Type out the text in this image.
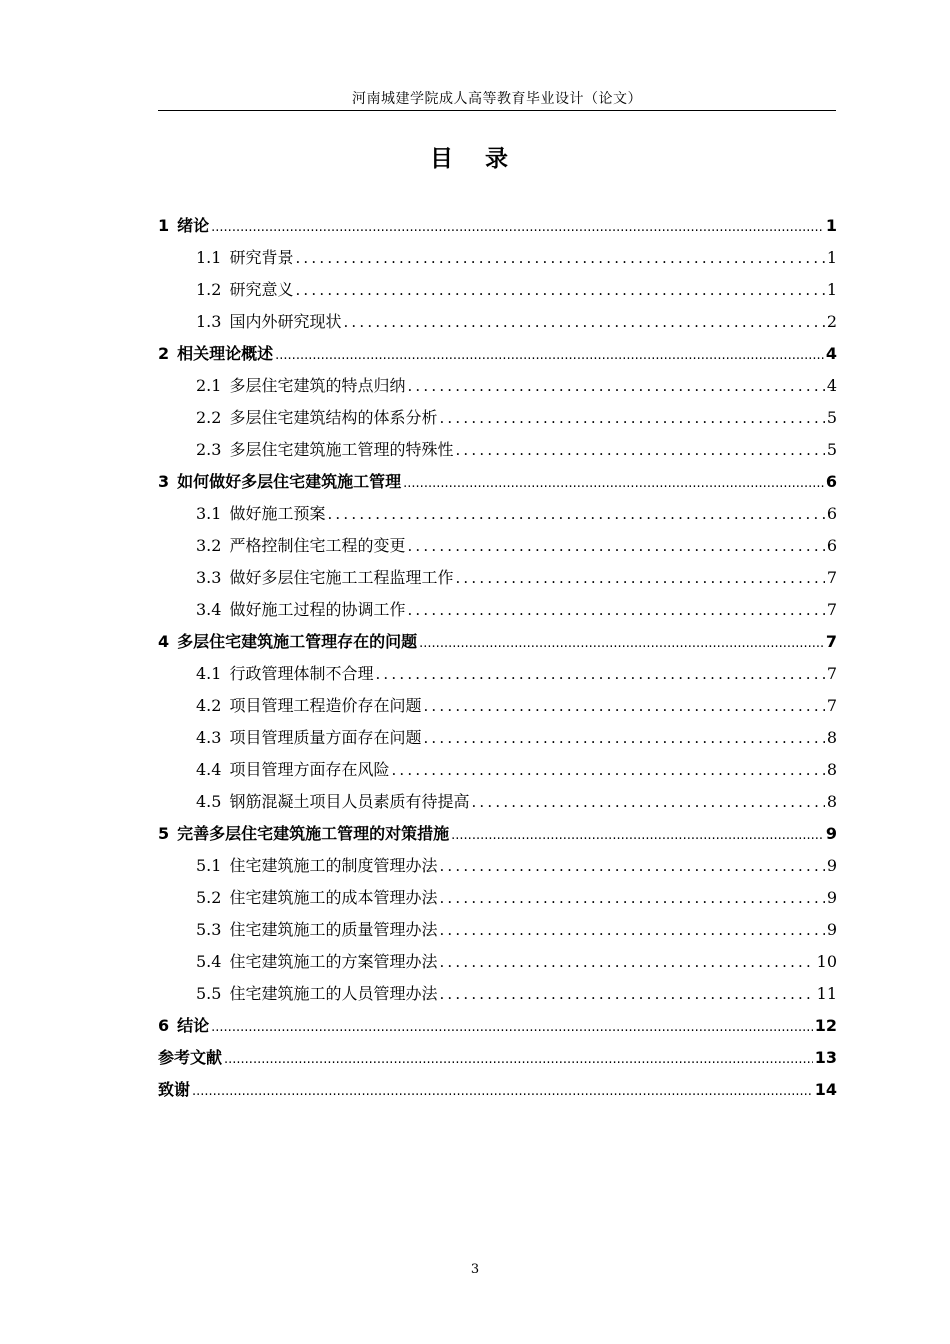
河南城建学院成人高等教育毕业设计（论文）
目 录
1 绪论 .....	1
1.1 研究背景 .....	1
1.2 研究意义 .....	1
1.3 国内外研究现状 .....	2
2 相关理论概述 .....	4
2.1 多层住宅建筑的特点归纳 .....	4
2.2 多层住宅建筑结构的体系分析 .....	5
2.3 多层住宅建筑施工管理的特殊性 .....	5
3 如何做好多层住宅建筑施工管理 .....	6
3.1 做好施工预案 .....	6
3.2 严格控制住宅工程的变更 .....	6
3.3 做好多层住宅施工工程监理工作 .....	7
3.4 做好施工过程的协调工作 .....	7
4 多层住宅建筑施工管理存在的问题 .....	7
4.1 行政管理体制不合理 .....	7
4.2 项目管理工程造价存在问题 .....	7
4.3 项目管理质量方面存在问题 .....	8
4.4 项目管理方面存在风险 .....	8
4.5 钢筋混凝土项目人员素质有待提高 .....	8
5 完善多层住宅建筑施工管理的对策措施 .....	9
5.1 住宅建筑施工的制度管理办法 .....	9
5.2 住宅建筑施工的成本管理办法 .....	9
5.3 住宅建筑施工的质量管理办法 .....	9
5.4 住宅建筑施工的方案管理办法 .....	10
5.5 住宅建筑施工的人员管理办法 .....	11
6 结论 .....	12
参考文献 .....	13
致谢 .....	14
3
